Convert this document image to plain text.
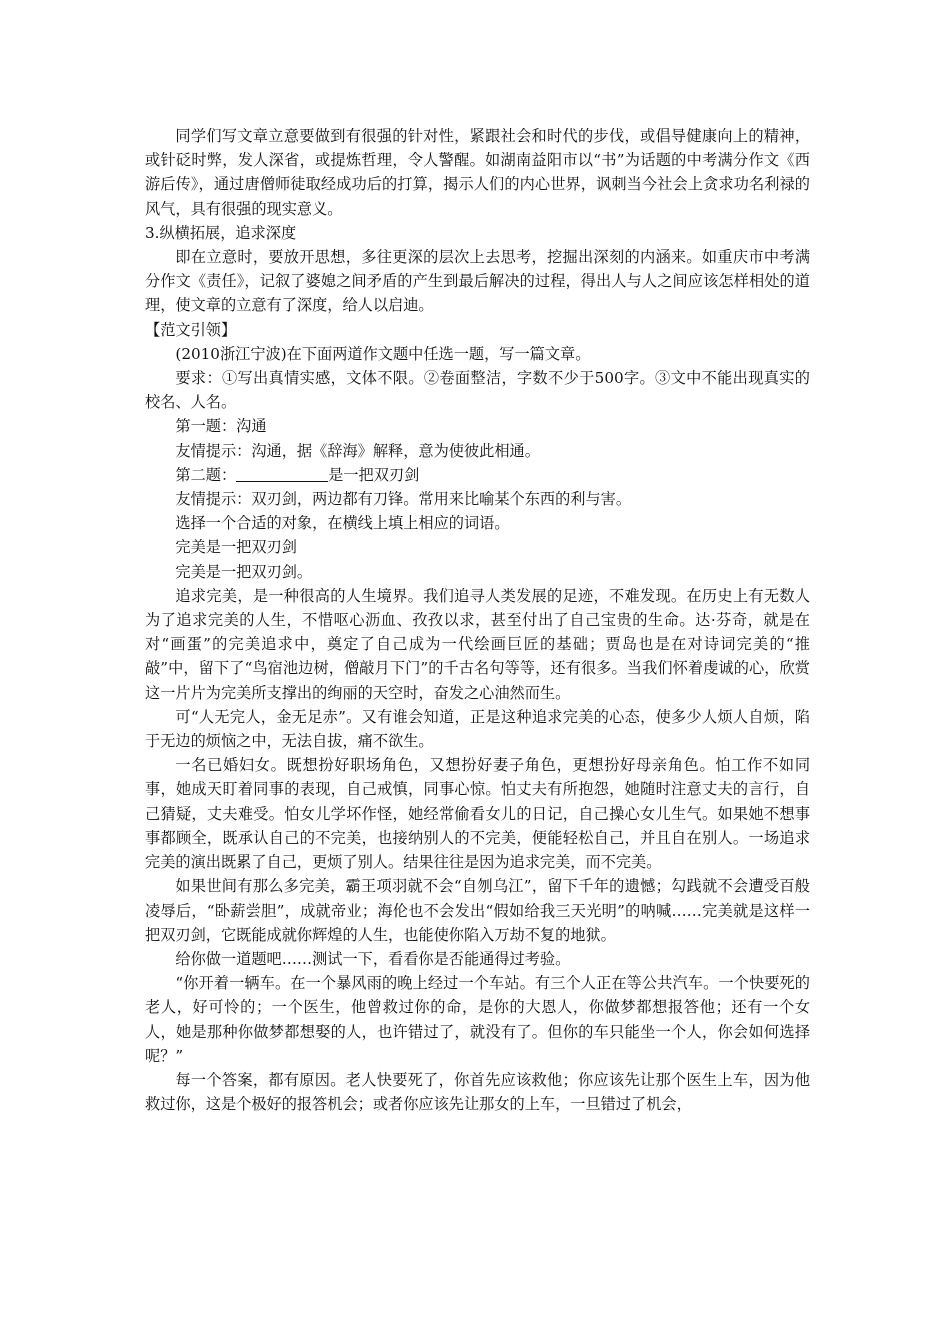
同学们写文章立意要做到有很强的针对性，紧跟社会和时代的步伐，或倡导健康向上的精神，或针砭时弊，发人深省，或提炼哲理，令人警醒。如湖南益阳市以“书”为话题的中考满分作文《西游后传》，通过唐僧师徒取经成功后的打算，揭示人们的内心世界，讽刺当今社会上贪求功名利禄的风气，具有很强的现实意义。

3.纵横拓展，追求深度

即在立意时，要放开思想，多往更深的层次上去思考，挖掘出深刻的内涵来。如重庆市中考满分作文《责任》，记叙了婆媳之间矛盾的产生到最后解决的过程，得出人与人之间应该怎样相处的道理，使文章的立意有了深度，给人以启迪。

【范文引领】

(2010浙江宁波)在下面两道作文题中任选一题，写一篇文章。

要求：①写出真情实感，文体不限。②卷面整洁，字数不少于500字。③文中不能出现真实的校名、人名。

第一题：沟通

友情提示：沟通，据《辞海》解释，意为使彼此相通。

第二题：	是一把双刃剑

友情提示：双刃剑，两边都有刀锋。常用来比喻某个东西的利与害。

选择一个合适的对象，在横线上填上相应的词语。

完美是一把双刃剑

完美是一把双刃剑。

追求完美，是一种很高的人生境界。我们追寻人类发展的足迹，不难发现。在历史上有无数人为了追求完美的人生，不惜呕心沥血、孜孜以求，甚至付出了自己宝贵的生命。达·芬奇，就是在对“画蛋”的完美追求中，奠定了自己成为一代绘画巨匠的基础；贾岛也是在对诗词完美的“推敲”中，留下了“鸟宿池边树，僧敲月下门”的千古名句等等，还有很多。当我们怀着虔诚的心，欣赏这一片片为完美所支撑出的绚丽的天空时，奋发之心油然而生。

可“人无完人，金无足赤”。又有谁会知道，正是这种追求完美的心态，使多少人烦人自烦，陷于无边的烦恼之中，无法自拔，痛不欲生。

一名已婚妇女。既想扮好职场角色，又想扮好妻子角色，更想扮好母亲角色。怕工作不如同事，她成天盯着同事的表现，自己戒慎，同事心惊。怕丈夫有所抱怨，她随时注意丈夫的言行，自己猜疑，丈夫难受。怕女儿学坏作怪，她经常偷看女儿的日记，自己操心女儿生气。如果她不想事事都顾全，既承认自己的不完美，也接纳别人的不完美，便能轻松自己，并且自在别人。一场追求完美的演出既累了自己，更烦了别人。结果往往是因为追求完美，而不完美。

如果世间有那么多完美，霸王项羽就不会“自刎乌江”，留下千年的遗憾；勾践就不会遭受百般凌辱后，“卧薪尝胆”，成就帝业；海伦也不会发出“假如给我三天光明”的呐喊……完美就是这样一把双刃剑，它既能成就你辉煌的人生，也能使你陷入万劫不复的地狱。

给你做一道题吧……测试一下，看看你是否能通得过考验。

“你开着一辆车。在一个暴风雨的晚上经过一个车站。有三个人正在等公共汽车。一个快要死的老人，好可怜的；一个医生，他曾救过你的命，是你的大恩人，你做梦都想报答他；还有一个女人，她是那种你做梦都想娶的人，也许错过了，就没有了。但你的车只能坐一个人，你会如何选择呢？”

每一个答案，都有原因。老人快要死了，你首先应该救他；你应该先让那个医生上车，因为他救过你，这是个极好的报答机会；或者你应该先让那女的上车，一旦错过了机会，
